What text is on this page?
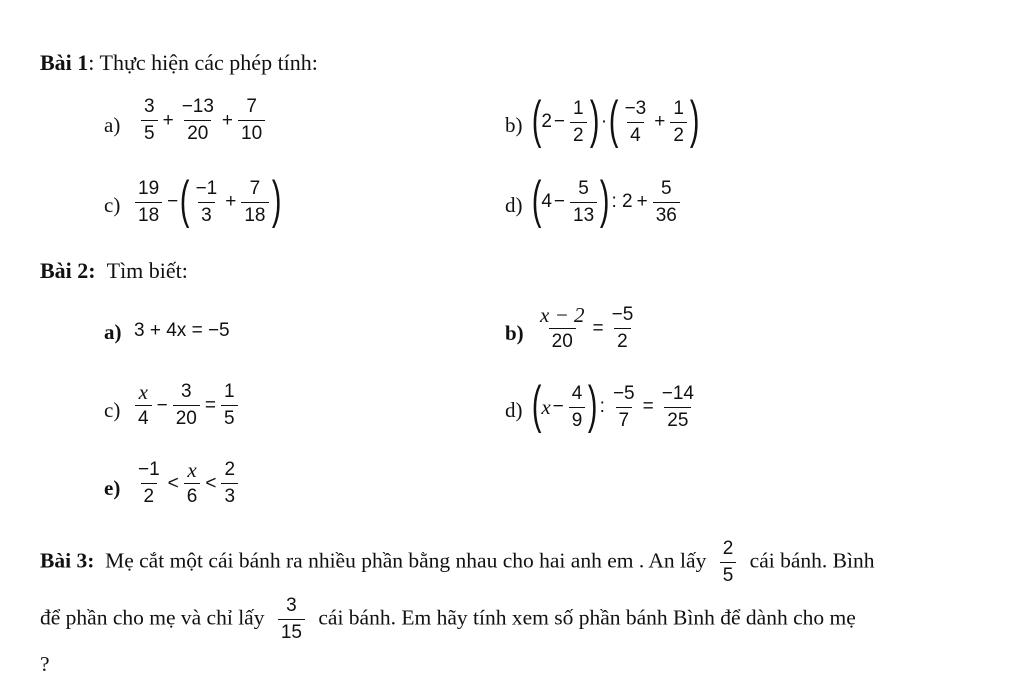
Bài 1: Thực hiện các phép tính:
$a) \frac{3}{5} + \frac{-13}{20} + \frac{7}{10}$	b) ( $2 - \frac{1}{2}$ ) · ( $\frac{-3}{4} + \frac{1}{2}$ )
$c) \frac{19}{18}$ − ( $\frac{-1}{3} + \frac{7}{18}$ )	d) ( $4 - \frac{5}{13}$ ) : $2 + \frac{5}{36}$
Bài 2: Tìm biết:
a) 3 + 4x = −5	$b) \frac{x - 2}{20} = \frac{-5}{2}$
$c) \frac{x}{4} - \frac{3}{20} = \frac{1}{5}$	d) ( $x - \frac{4}{9}$ ) : $\frac{-5}{7} = \frac{-14}{25}$
$e) \frac{-1}{2} < \frac{x}{6} < \frac{2}{3}$
Bài 3: Mẹ cắt một cái bánh ra nhiều phần bằng nhau cho hai anh em . An lấy $\frac{2}{5}$ cái bánh. Bình
để phần cho mẹ và chỉ lấy $\frac{3}{15}$ cái bánh. Em hãy tính xem số phần bánh Bình để dành cho mẹ
?
